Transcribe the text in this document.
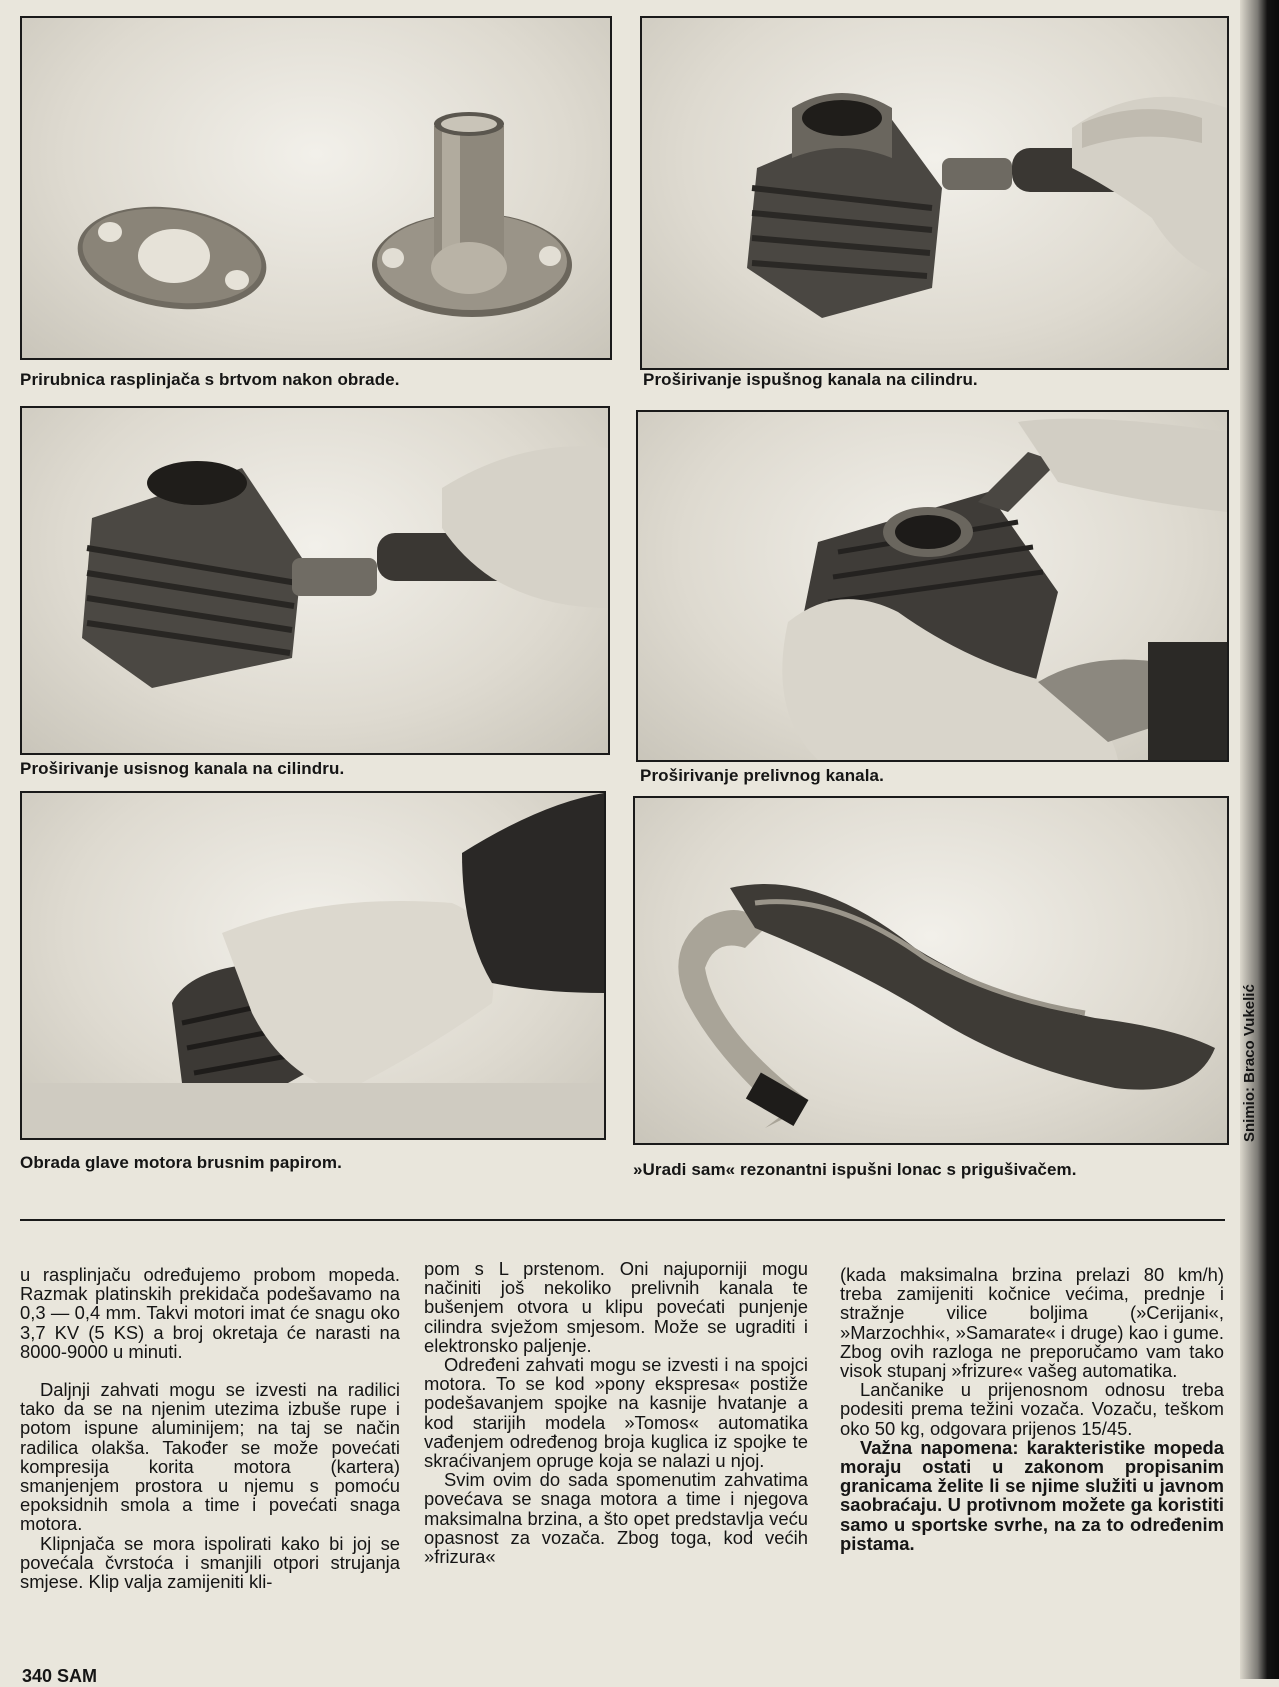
Prirubnica rasplinjača s brtvom nakon obrade.	Proširivanje ispušnog kanala na cilindru.
Proširivanje usisnog kanala na cilindru.	Proširivanje prelivnog kanala.
Obrada glave motora brusnim papirom.	»Uradi sam« rezonantni ispušni lonac s prigušivačem.
Snimio: Braco Vukelić

u rasplinjaču određujemo probom mopeda. Razmak platinskih prekidača podešavamo na 0,3 — 0,4 mm. Takvi motori imat će snagu oko 3,7 KV (5 KS) a broj okretaja će narasti na 8000-9000 u minuti.

Daljnji zahvati mogu se izvesti na radilici tako da se na njenim utezima izbuše rupe i potom ispune aluminijem; na taj se način radilica olakša. Također se može povećati kompresija korita motora (kartera) smanjenjem prostora u njemu s pomoću epoksidnih smola a time i povećati snaga motora.

Klipnjača se mora ispolirati kako bi joj se povećala čvrstoća i smanjili otpori strujanja smjese. Klip valja zamijeniti kli-

pom s L prstenom. Oni najuporniji mogu načiniti još nekoliko prelivnih kanala te bušenjem otvora u klipu povećati punjenje cilindra svježom smjesom. Može se ugraditi i elektronsko paljenje.

Određeni zahvati mogu se izvesti i na spojci motora. To se kod »pony ekspresa« postiže podešavanjem spojke na kasnije hvatanje a kod starijih modela »Tomos« automatika vađenjem određenog broja kuglica iz spojke te skraćivanjem opruge koja se nalazi u njoj.

Svim ovim do sada spomenutim zahvatima povećava se snaga motora a time i njegova maksimalna brzina, a što opet predstavlja veću opasnost za vozača. Zbog toga, kod većih »frizura«

(kada maksimalna brzina prelazi 80 km/h) treba zamijeniti kočnice većima, prednje i stražnje vilice boljima (»Cerijani«, »Marzochhi«, »Samarate« i druge) kao i gume. Zbog ovih razloga ne preporučamo vam tako visok stupanj »frizure« vašeg automatika.

Lančanike u prijenosnom odnosu treba podesiti prema težini vozača. Vozaču, teškom oko 50 kg, odgovara prijenos 15/45.

Važna napomena: karakteristike mopeda moraju ostati u zakonom propisanim granicama želite li se njime služiti u javnom saobraćaju. U protivnom možete ga koristiti samo u sportske svrhe, na za to određenim pistama.

340 SAM
